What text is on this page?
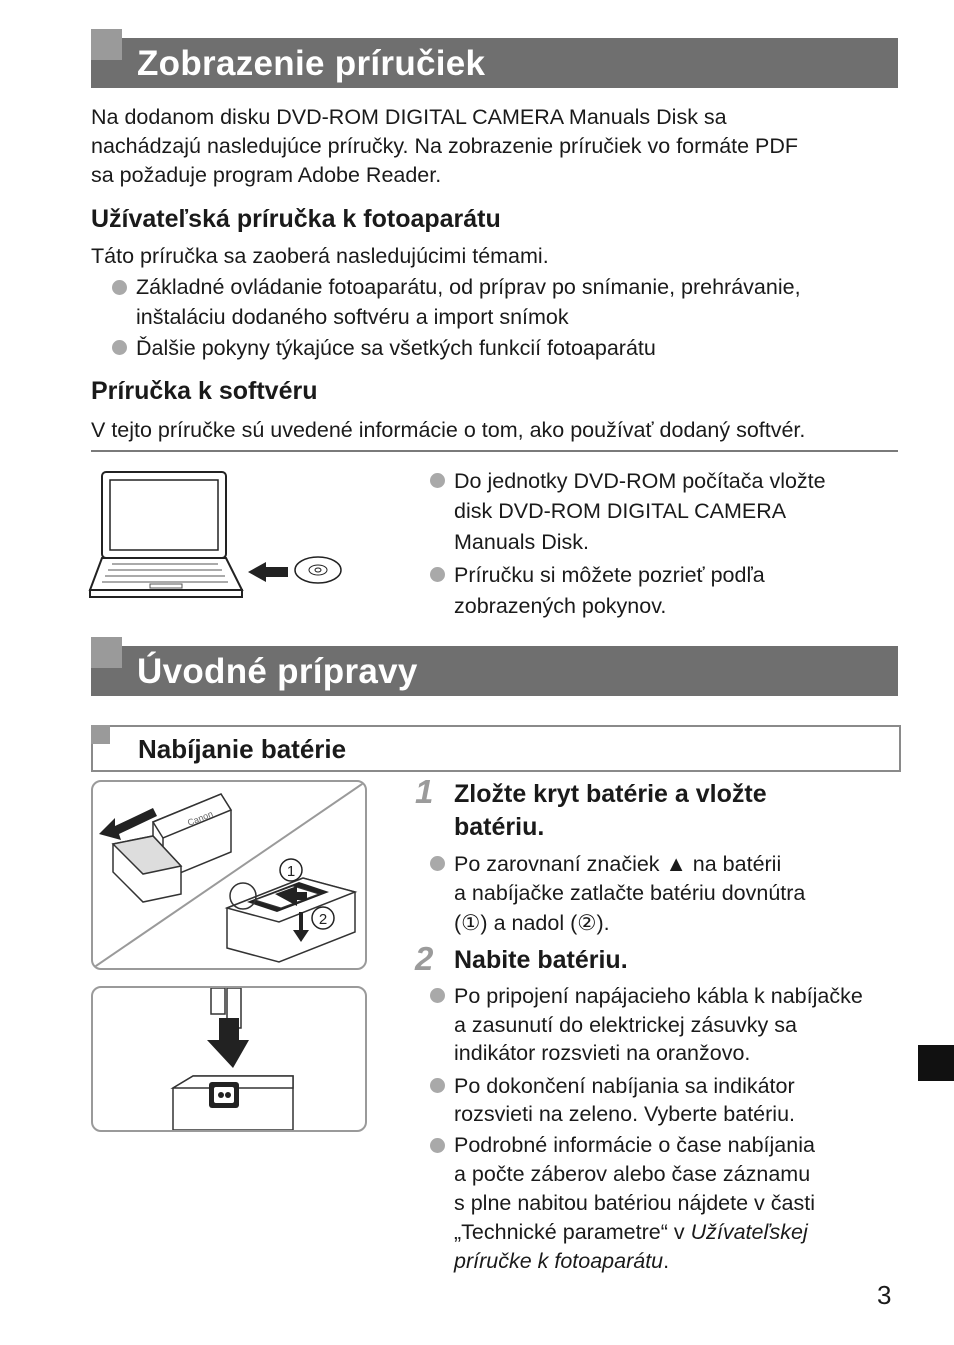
Zobrazenie príručiek
Na dodanom disku DVD-ROM DIGITAL CAMERA Manuals Disk sa
nachádzajú nasledujúce príručky. Na zobrazenie príručiek vo formáte PDF
sa požaduje program Adobe Reader.
Užívateľská príručka k fotoaparátu
Táto príručka sa zaoberá nasledujúcimi témami.
Základné ovládanie fotoaparátu, od príprav po snímanie, prehrávanie,
inštaláciu dodaného softvéru a import snímok
Ďalšie pokyny týkajúce sa všetkých funkcií fotoaparátu
Príručka k softvéru
V tejto príručke sú uvedené informácie o tom, ako používať dodaný softvér.
Do jednotky DVD-ROM počítača vložte
disk DVD-ROM DIGITAL CAMERA
Manuals Disk.
Príručku si môžete pozrieť podľa
zobrazených pokynov.
Úvodné prípravy
Nabíjanie batérie
Canon
1
2
1 Zložte kryt batérie a vložte
batériu.
Po zarovnaní značiek ▲ na batérii
a nabíjačke zatlačte batériu dovnútra
(①) a nadol (②).
2 Nabite batériu.
Po pripojení napájacieho kábla k nabíjačke
a zasunutí do elektrickej zásuvky sa
indikátor rozsvieti na oranžovo.
Po dokončení nabíjania sa indikátor
rozsvieti na zeleno. Vyberte batériu.
Podrobné informácie o čase nabíjania
a počte záberov alebo čase záznamu
s plne nabitou batériou nájdete v časti
„Technické parametre“ v Užívateľskej
príručke k fotoaparátu.
3
